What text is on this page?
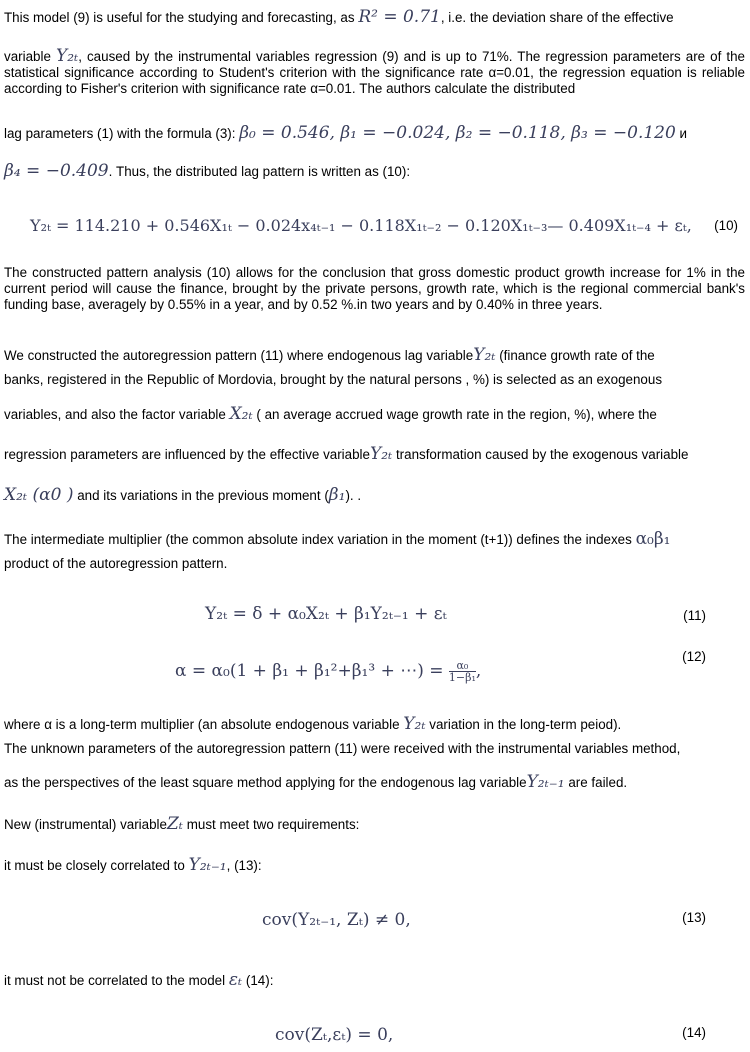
This model (9) is useful for the studying and forecasting, as R² = 0.71, i.e. the deviation share of the effective
variable Y₂ₜ, caused by the instrumental variables regression (9) and is up to 71%. The regression parameters are of the statistical significance according to Student's criterion with the significance rate α=0.01, the regression equation is reliable according to Fisher's criterion with significance rate α=0.01. The authors calculate the distributed
lag parameters (1) with the formula (3): β₀ = 0.546, β₁ = −0.024, β₂ = −0.118, β₃ = −0.120 и
β₄ = −0.409. Thus, the distributed lag pattern is written as (10):
Y₂ₜ = 114.210 + 0.546X₁ₜ − 0.024x₄ₜ₋₁ − 0.118X₁ₜ₋₂ − 0.120X₁ₜ₋₃— 0.409X₁ₜ₋₄ + εₜ, (10)
The constructed pattern analysis (10) allows for the conclusion that gross domestic product growth increase for 1% in the current period will cause the finance, brought by the private persons, growth rate, which is the regional commercial bank's funding base, averagely by 0.55% in a year, and by 0.52 %.in two years and by 0.40% in three years.
We constructed the autoregression pattern (11) where endogenous lag variableY₂ₜ (finance growth rate of the
banks, registered in the Republic of Mordovia, brought by the natural persons , %) is selected as an exogenous
variables, and also the factor variable X₂ₜ ( an average accrued wage growth rate in the region, %), where the
regression parameters are influenced by the effective variableY₂ₜ transformation caused by the exogenous variable
X₂ₜ (α0 ) and its variations in the previous moment (β₁). .
The intermediate multiplier (the common absolute index variation in the moment (t+1)) defines the indexes α₀β₁
product of the autoregression pattern.
Y₂ₜ = δ + α₀X₂ₜ + β₁Y₂ₜ₋₁ + εₜ	(11)
α = α₀(1 + β₁ + β₁²+β₁³ + ⋯) = $\frac{\text{α₀}}{\text{1−β₁}}$ ,
(12)
where α is a long-term multiplier (an absolute endogenous variable Y₂ₜ variation in the long-term peiod).
The unknown parameters of the autoregression pattern (11) were received with the instrumental variables method,
as the perspectives of the least square method applying for the endogenous lag variableY₂ₜ₋₁ are failed.
New (instrumental) variableZₜ must meet two requirements:
it must be closely correlated to Y₂ₜ₋₁, (13):
cov(Y₂ₜ₋₁, Zₜ) ≠ 0,	(13)
it must not be correlated to the model εₜ (14):
cov(Zₜ,εₜ) = 0,	(14)
